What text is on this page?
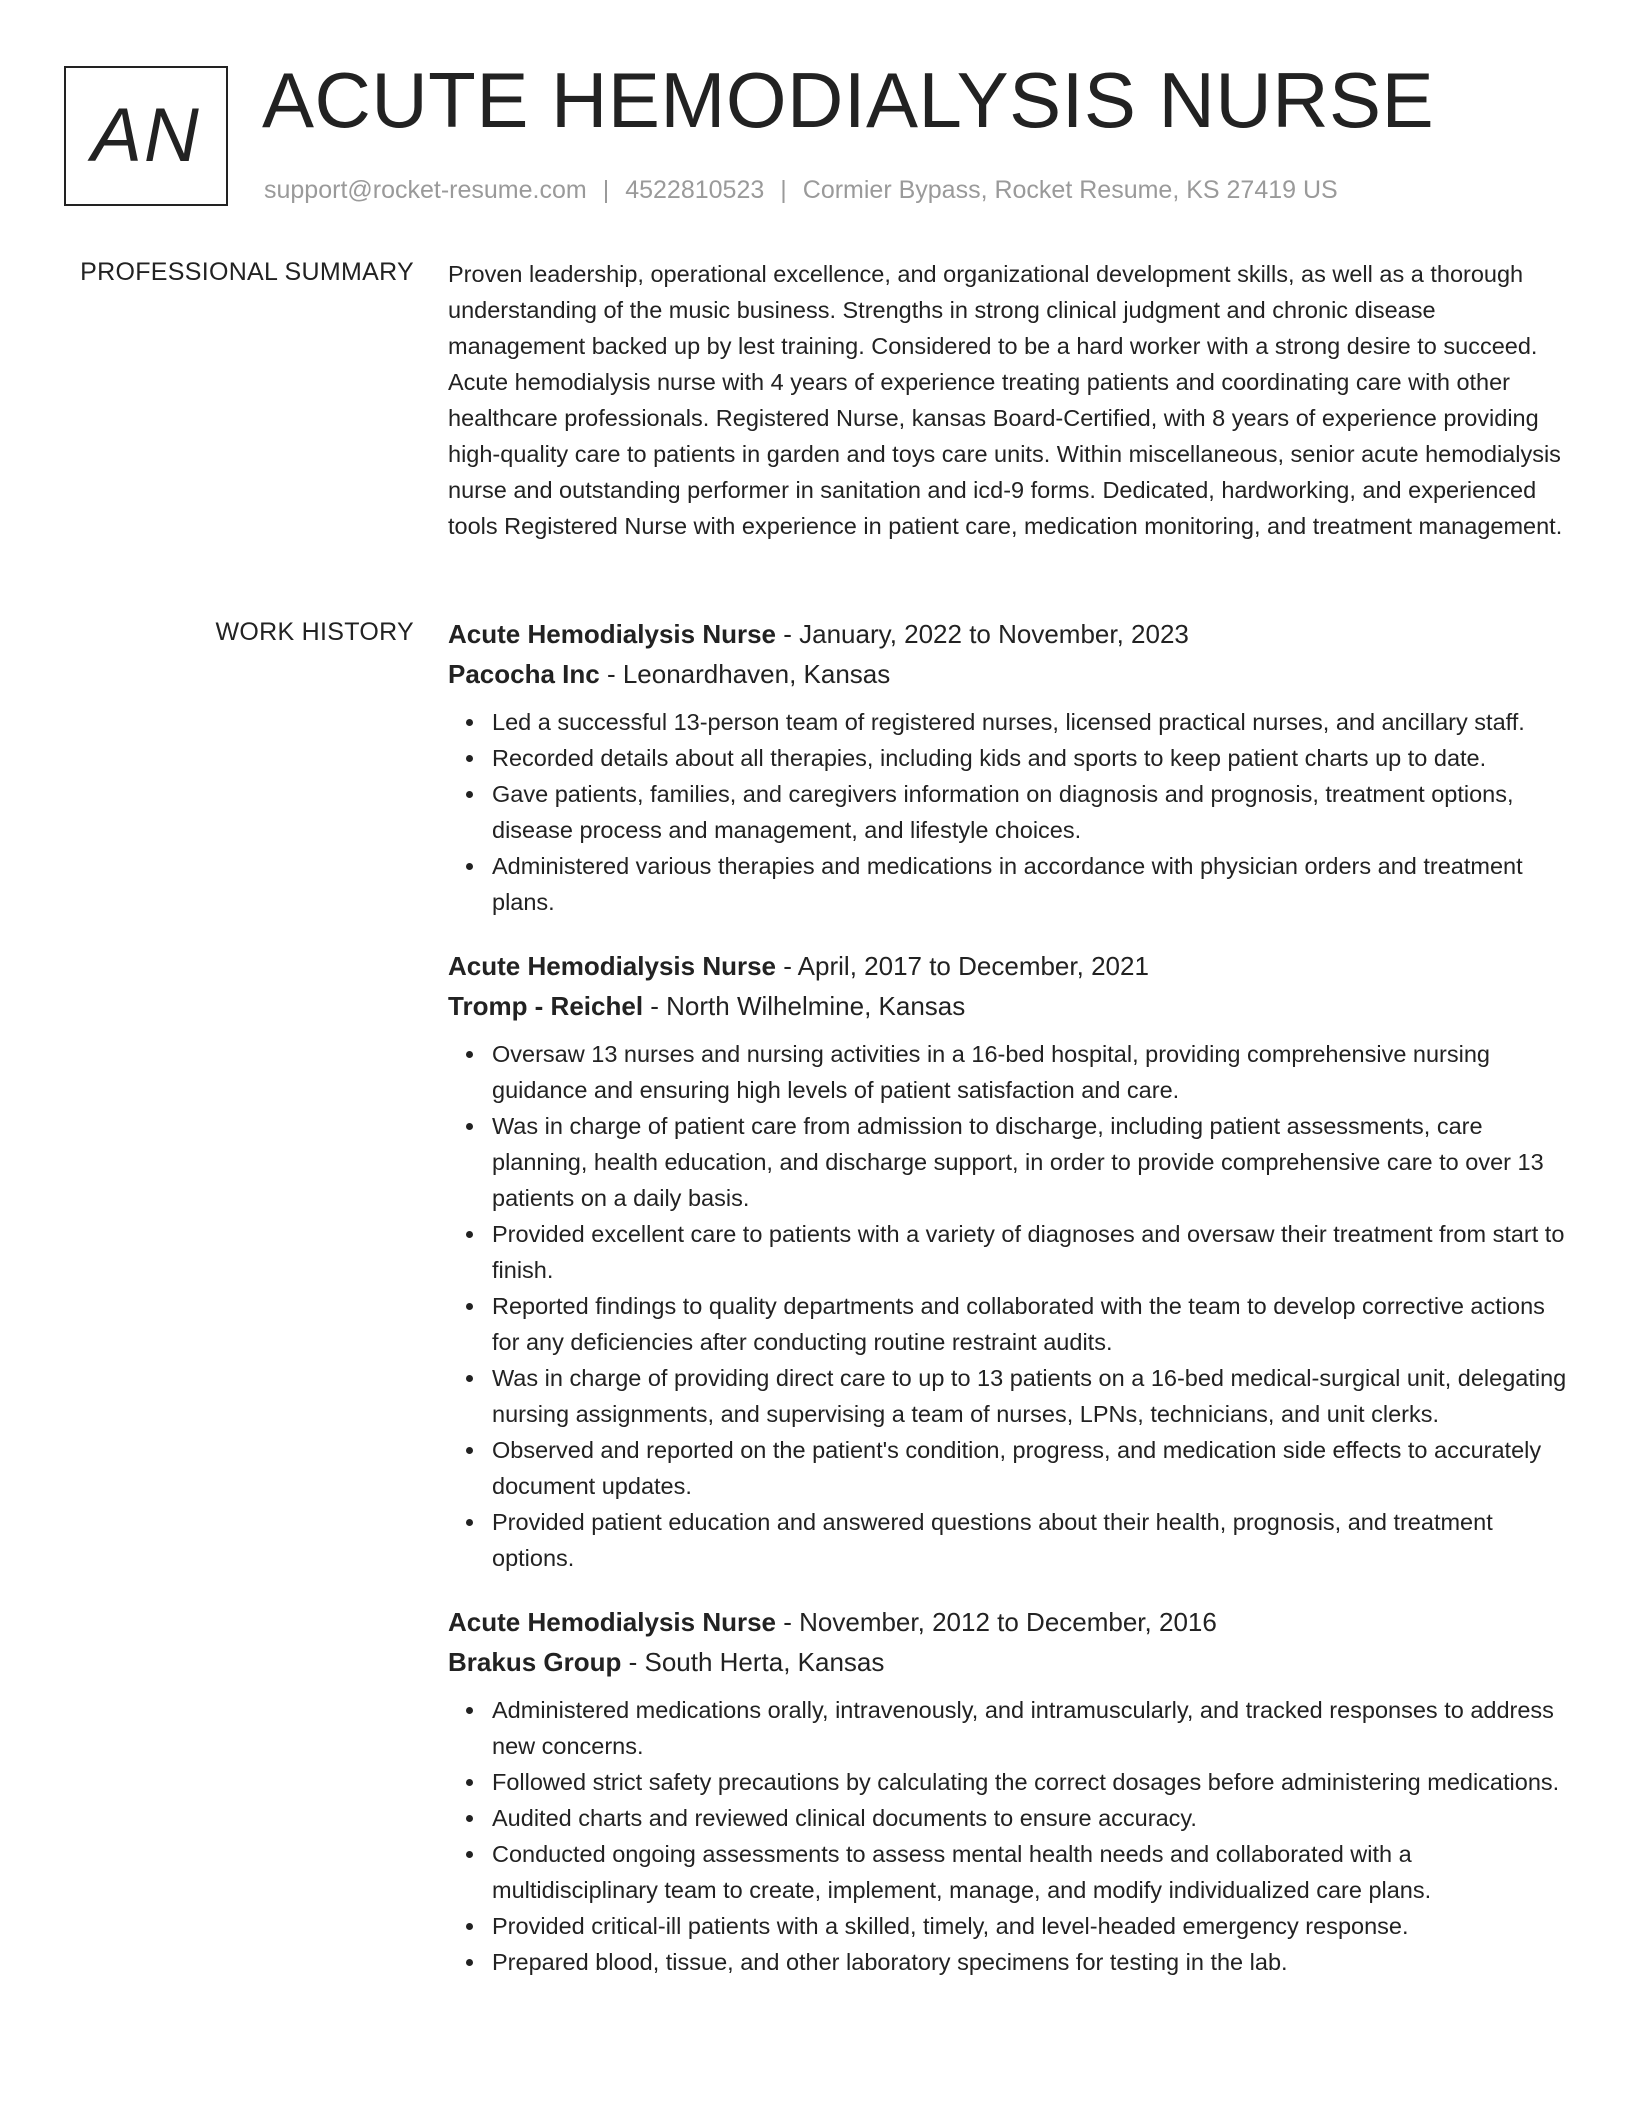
AN ACUTE HEMODIALYSIS NURSE
support@rocket-resume.com | 4522810523 | Cormier Bypass, Rocket Resume, KS 27419 US
PROFESSIONAL SUMMARY Proven leadership, operational excellence, and organizational development skills, as well as a thorough understanding of the music business. Strengths in strong clinical judgment and chronic disease management backed up by lest training. Considered to be a hard worker with a strong desire to succeed. Acute hemodialysis nurse with 4 years of experience treating patients and coordinating care with other healthcare professionals. Registered Nurse, kansas Board-Certified, with 8 years of experience providing high-quality care to patients in garden and toys care units. Within miscellaneous, senior acute hemodialysis nurse and outstanding performer in sanitation and icd-9 forms. Dedicated, hardworking, and experienced tools Registered Nurse with experience in patient care, medication monitoring, and treatment management.

WORK HISTORY Acute Hemodialysis Nurse - January, 2022 to November, 2023
Pacocha Inc - Leonardhaven, Kansas
Led a successful 13-person team of registered nurses, licensed practical nurses, and ancillary staff.
Recorded details about all therapies, including kids and sports to keep patient charts up to date.
Gave patients, families, and caregivers information on diagnosis and prognosis, treatment options, disease process and management, and lifestyle choices.
Administered various therapies and medications in accordance with physician orders and treatment plans.
Acute Hemodialysis Nurse - April, 2017 to December, 2021
Tromp - Reichel - North Wilhelmine, Kansas
Oversaw 13 nurses and nursing activities in a 16-bed hospital, providing comprehensive nursing guidance and ensuring high levels of patient satisfaction and care.
Was in charge of patient care from admission to discharge, including patient assessments, care planning, health education, and discharge support, in order to provide comprehensive care to over 13 patients on a daily basis.
Provided excellent care to patients with a variety of diagnoses and oversaw their treatment from start to finish.
Reported findings to quality departments and collaborated with the team to develop corrective actions for any deficiencies after conducting routine restraint audits.
Was in charge of providing direct care to up to 13 patients on a 16-bed medical-surgical unit, delegating nursing assignments, and supervising a team of nurses, LPNs, technicians, and unit clerks.
Observed and reported on the patient's condition, progress, and medication side effects to accurately document updates.
Provided patient education and answered questions about their health, prognosis, and treatment options.
Acute Hemodialysis Nurse - November, 2012 to December, 2016
Brakus Group - South Herta, Kansas
Administered medications orally, intravenously, and intramuscularly, and tracked responses to address new concerns.
Followed strict safety precautions by calculating the correct dosages before administering medications.
Audited charts and reviewed clinical documents to ensure accuracy.
Conducted ongoing assessments to assess mental health needs and collaborated with a multidisciplinary team to create, implement, manage, and modify individualized care plans.
Provided critical-ill patients with a skilled, timely, and level-headed emergency response.
Prepared blood, tissue, and other laboratory specimens for testing in the lab.
